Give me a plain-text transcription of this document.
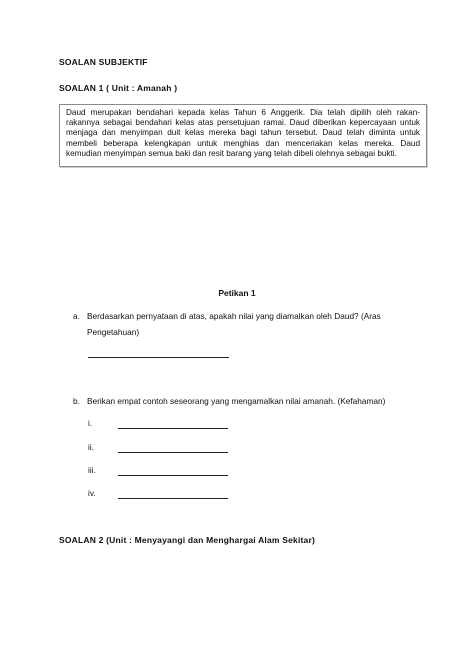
SOALAN SUBJEKTIF
SOALAN 1 ( Unit : Amanah )
Daud merupakan bendahari kepada kelas Tahun 6 Anggerik. Dia telah dipilih oleh rakan-rakannya sebagai bendahari kelas atas persetujuan ramai. Daud diberikan kepercayaan untuk menjaga dan menyimpan duit kelas mereka bagi tahun tersebut. Daud telah diminta untuk membeli beberapa kelengkapan untuk menghias dan menceriakan kelas mereka. Daud kemudian menyimpan semua baki dan resit barang yang telah dibeli olehnya sebagai bukti.
Petikan 1
a. Berdasarkan pernyataan di atas, apakah nilai yang diamalkan oleh Daud? (Aras Pengetahuan)
b. Berikan empat contoh seseorang yang mengamalkan nilai amanah. (Kefahaman)
i.
ii.
iii.
iv.
SOALAN 2 (Unit : Menyayangi dan Menghargai Alam Sekitar)
